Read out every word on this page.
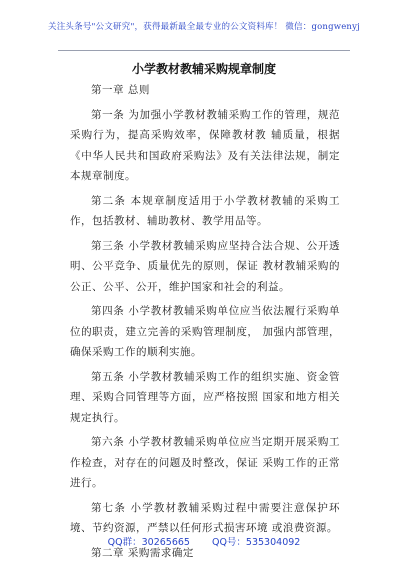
关注头条号"公文研究"，获得最新最全最专业的公文资料库！ 微信：gongwenyj
小学教材教辅采购规章制度

第一章 总则

第一条 为加强小学教材教辅采购工作的管理，规范采购行为，提高采购效率，保障教材教 辅质量，根据《中华人民共和国政府采购法》及有关法律法规，制定本规章制度。

第二条 本规章制度适用于小学教材教辅的采购工作，包括教材、辅助教材、教学用品等。

第三条 小学教材教辅采购应坚持合法合规、公开透明、公平竞争、质量优先的原则，保证 教材教辅采购的公正、公平、公开，维护国家和社会的利益。

第四条 小学教材教辅采购单位应当依法履行采购单位的职责，建立完善的采购管理制度， 加强内部管理，确保采购工作的顺利实施。

第五条 小学教材教辅采购工作的组织实施、资金管理、采购合同管理等方面，应严格按照 国家和地方相关规定执行。

第六条 小学教材教辅采购单位应当定期开展采购工作检查，对存在的问题及时整改，保证 采购工作的正常进行。

第七条 小学教材教辅采购过程中需要注意保护环境、节约资源，严禁以任何形式损害环境 或浪费资源。

第二章 采购需求确定

QQ群：30265665 QQ号：535304092
